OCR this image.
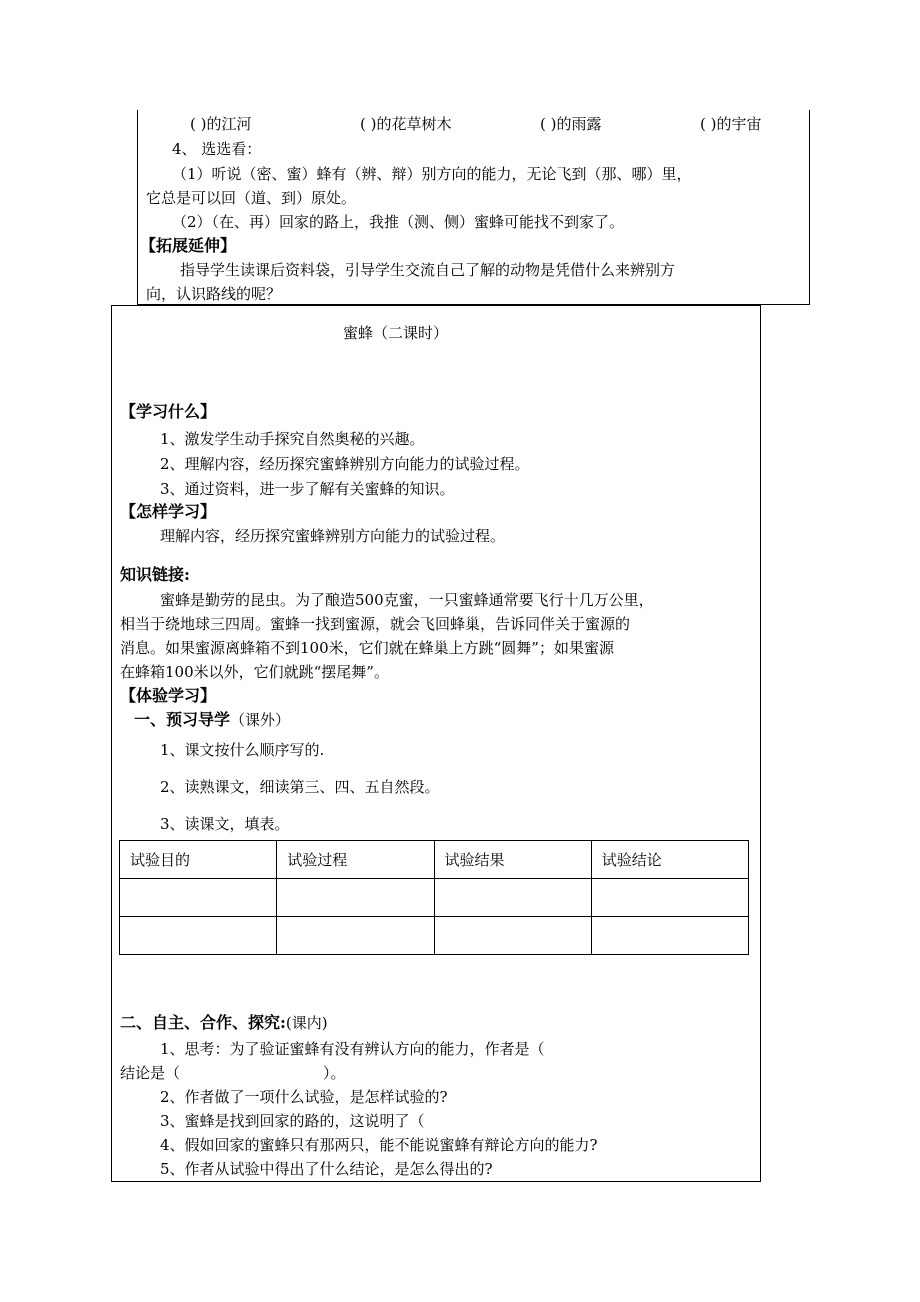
( )的江河	( )的花草树木	( )的雨露	( )的宇宙
4、 选选看：
（1）听说（密、蜜）蜂有（辨、辩）别方向的能力，无论飞到（那、哪）里，
它总是可以回（道、到）原处。
（2）（在、再）回家的路上，我推（测、侧）蜜蜂可能找不到家了。
【拓展延伸】
指导学生读课后资料袋，引导学生交流自己了解的动物是凭借什么来辨别方
向，认识路线的呢？
蜜蜂（二课时）
【学习什么】
1、激发学生动手探究自然奥秘的兴趣。
2、理解内容，经历探究蜜蜂辨别方向能力的试验过程。
3、通过资料，进一步了解有关蜜蜂的知识。
【怎样学习】
理解内容，经历探究蜜蜂辨别方向能力的试验过程。
知识链接:
蜜蜂是勤劳的昆虫。为了酿造500克蜜，一只蜜蜂通常要飞行十几万公里，
相当于绕地球三四周。蜜蜂一找到蜜源，就会飞回蜂巢，告诉同伴关于蜜源的
消息。如果蜜源离蜂箱不到100米，它们就在蜂巢上方跳“圆舞”；如果蜜源
在蜂箱100米以外，它们就跳“摆尾舞”。
【体验学习】
一、预习导学（课外）
1、课文按什么顺序写的.
2、读熟课文，细读第三、四、五自然段。
3、读课文，填表。
试验目的	试验过程	试验结果	试验结论

二、自主、合作、探究:(课内)
1、思考：为了验证蜜蜂有没有辨认方向的能力，作者是（
结论是（                              ）。
2、作者做了一项什么试验，是怎样试验的?
3、蜜蜂是找到回家的路的，这说明了（
4、假如回家的蜜蜂只有那两只，能不能说蜜蜂有辩论方向的能力?
5、作者从试验中得出了什么结论，是怎么得出的?
